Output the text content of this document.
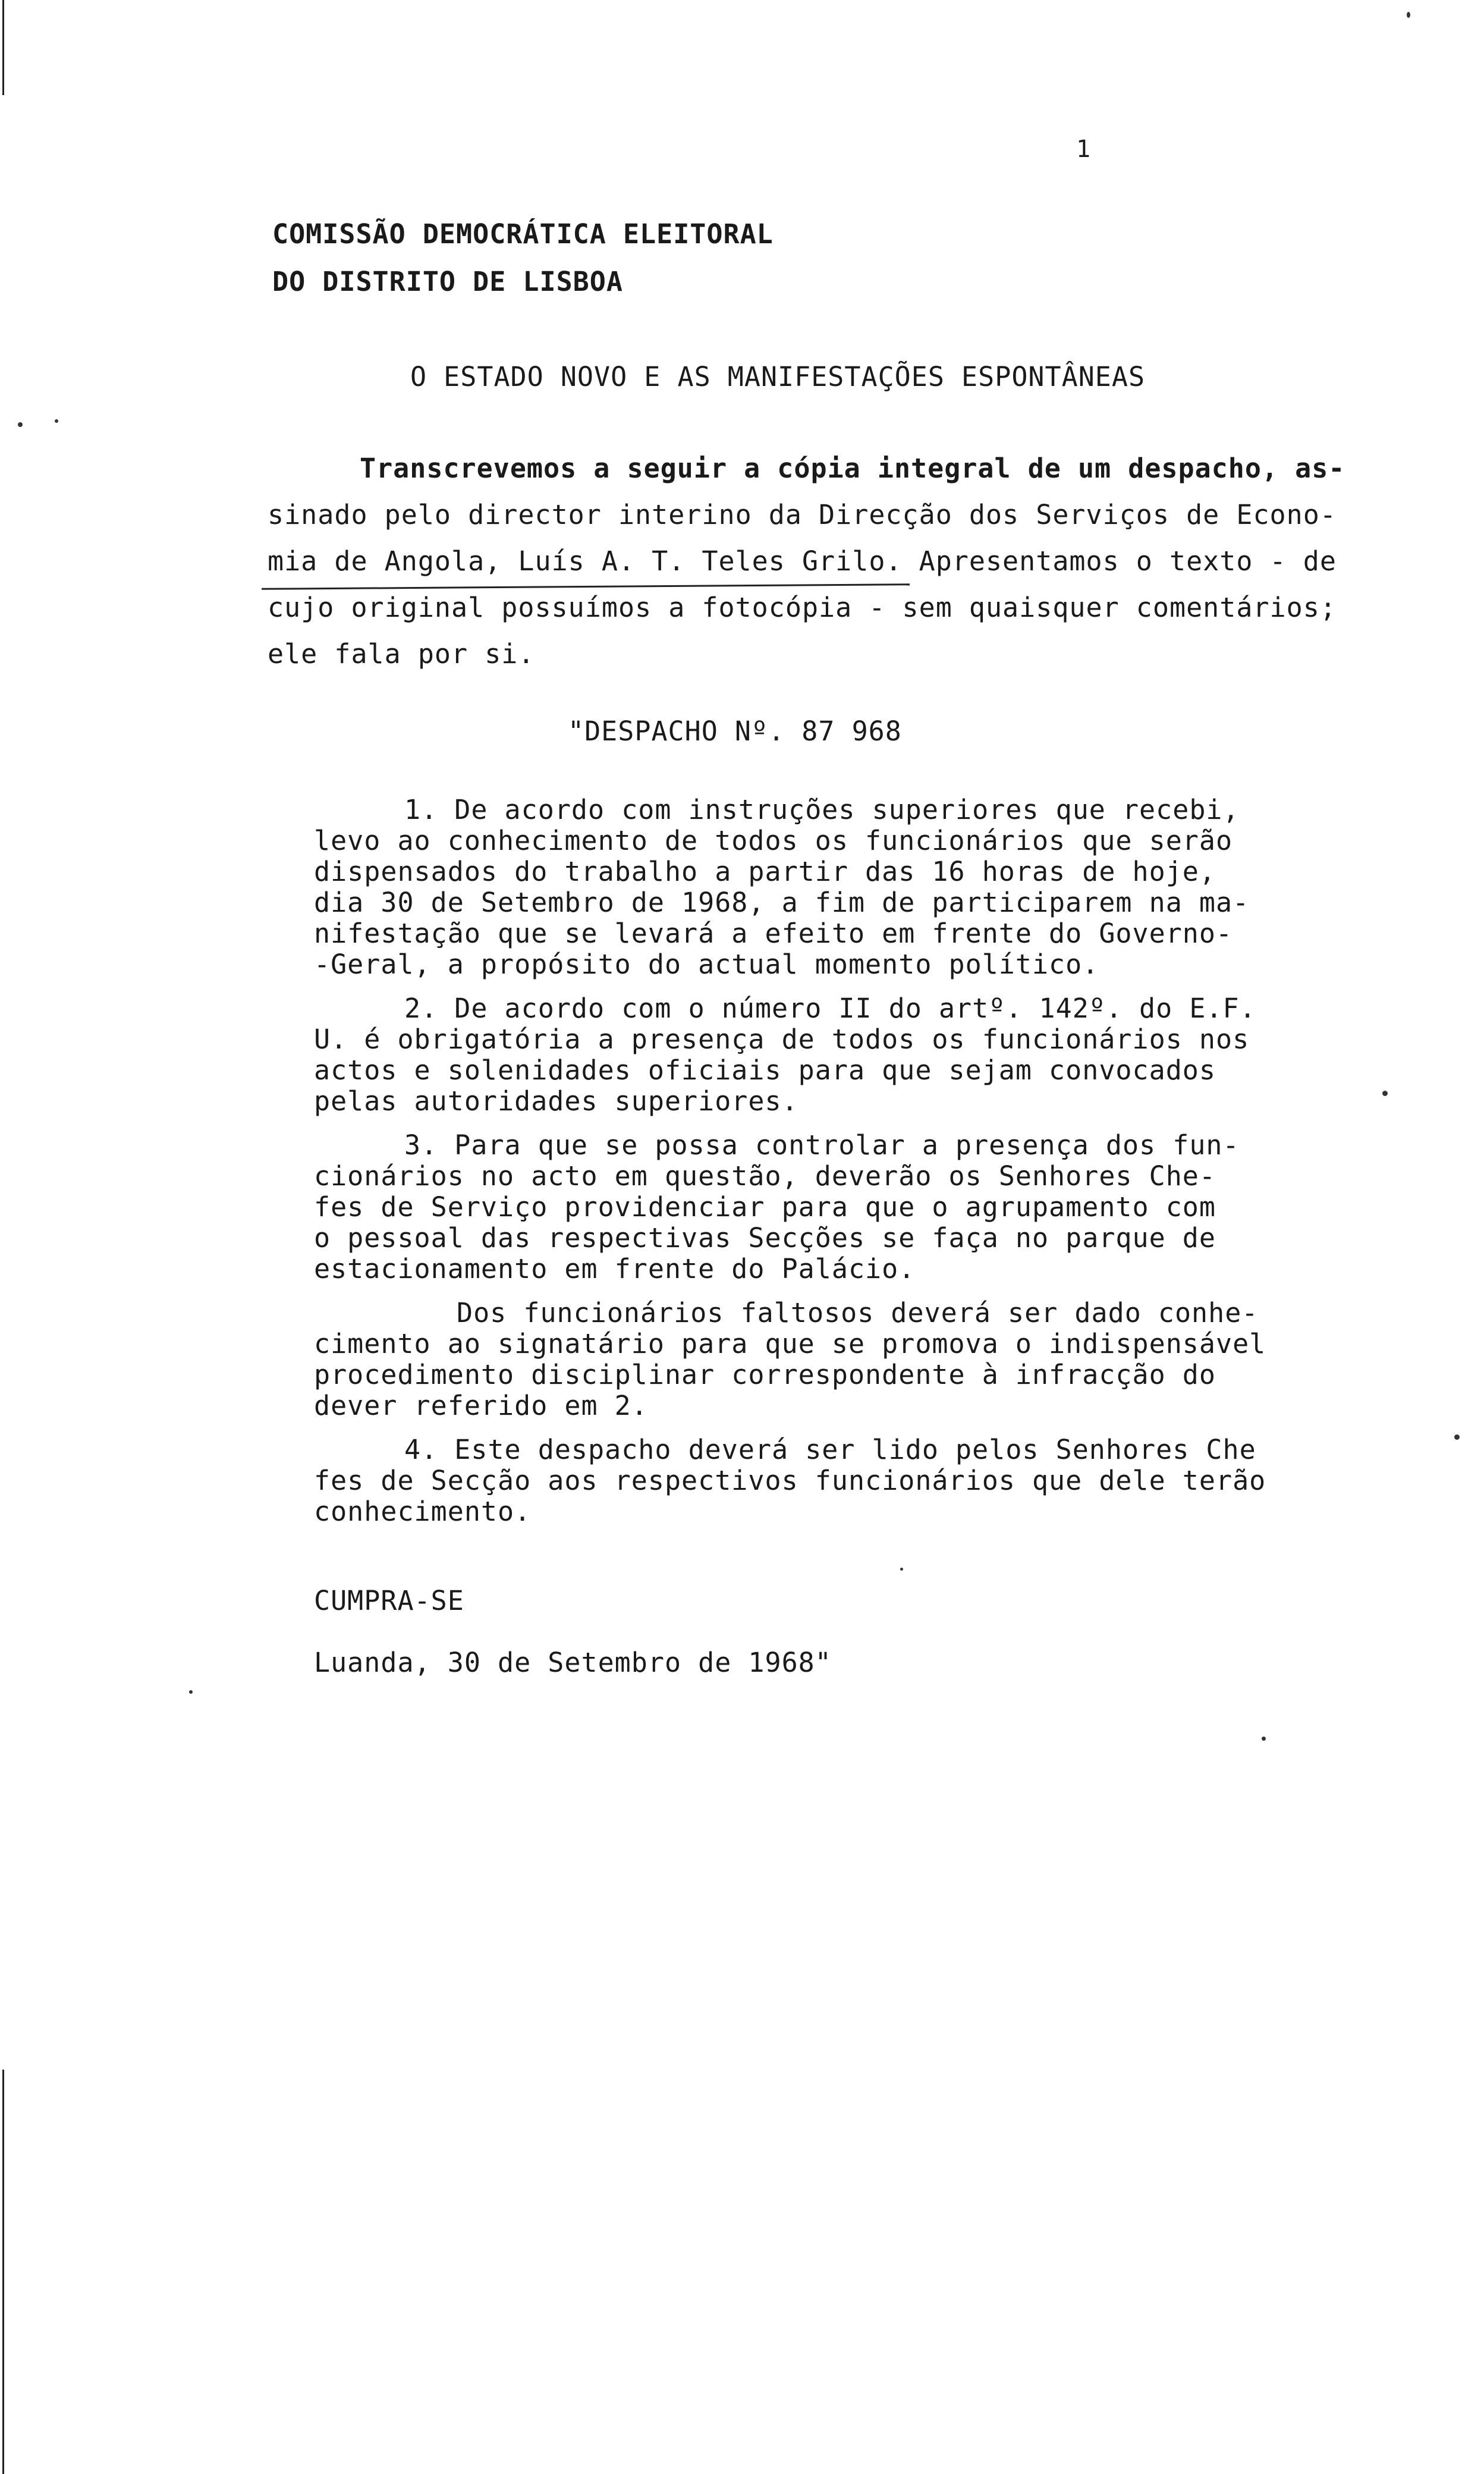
1
COMISSÃO DEMOCRÁTICA ELEITORAL
DO DISTRITO DE LISBOA
O ESTADO NOVO E AS MANIFESTAÇÕES ESPONTÂNEAS
Transcrevemos a seguir a cópia integral de um despacho, as-
sinado pelo director interino da Direcção dos Serviços de Econo-
mia de Angola, Luís A. T. Teles Grilo. Apresentamos o texto - de
cujo original possuímos a fotocópia - sem quaisquer comentários;
ele fala por si.
"DESPACHO Nº. 87 968
1. De acordo com instruções superiores que recebi,
levo ao conhecimento de todos os funcionários que serão
dispensados do trabalho a partir das 16 horas de hoje,
dia 30 de Setembro de 1968, a fim de participarem na ma-
nifestação que se levará a efeito em frente do Governo-
-Geral, a propósito do actual momento político.
2. De acordo com o número II do artº. 142º. do E.F.
U. é obrigatória a presença de todos os funcionários nos
actos e solenidades oficiais para que sejam convocados
pelas autoridades superiores.
3. Para que se possa controlar a presença dos fun-
cionários no acto em questão, deverão os Senhores Che-
fes de Serviço providenciar para que o agrupamento com
o pessoal das respectivas Secções se faça no parque de
estacionamento em frente do Palácio.
Dos funcionários faltosos deverá ser dado conhe-
cimento ao signatário para que se promova o indispensável
procedimento disciplinar correspondente à infracção do
dever referido em 2.
4. Este despacho deverá ser lido pelos Senhores Che
fes de Secção aos respectivos funcionários que dele terão
conhecimento.
CUMPRA-SE
Luanda, 30 de Setembro de 1968"
